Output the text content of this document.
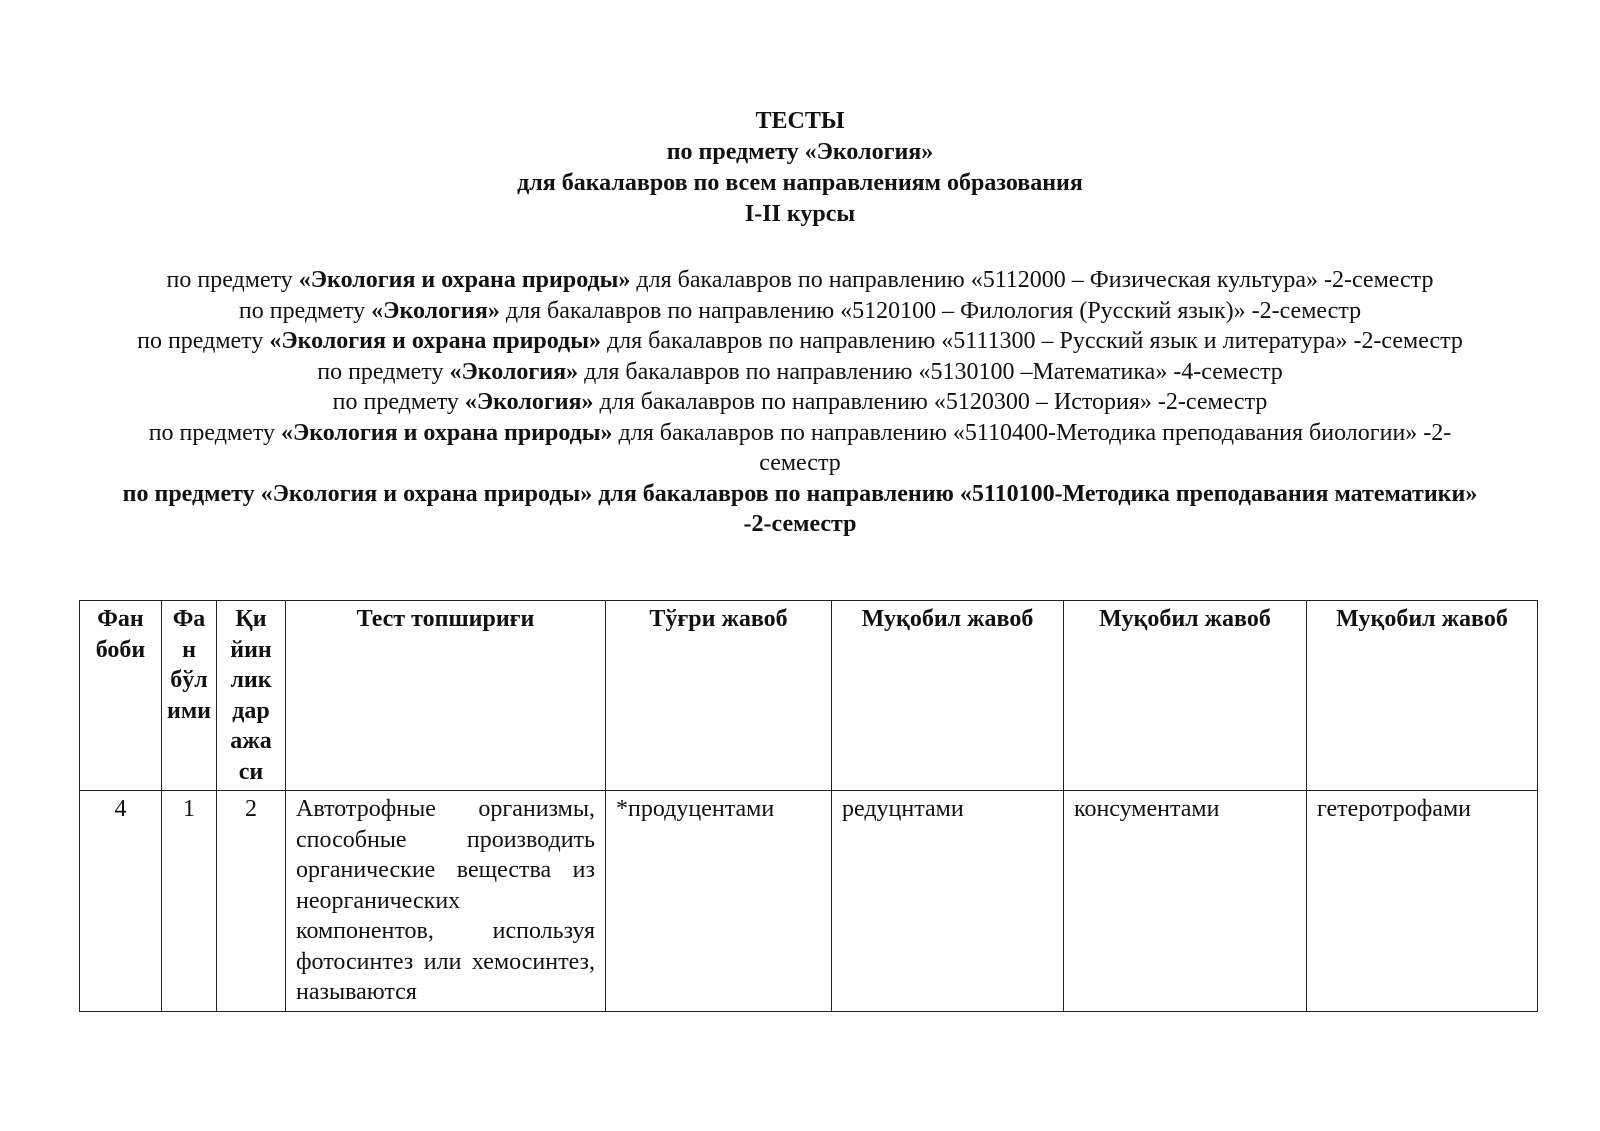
ТЕСТЫ
по предмету «Экология»
для бакалавров по всем направлениям образования
I-II курсы
по предмету «Экология и охрана природы» для бакалавров по направлению «5112000 – Физическая культура» -2-семестр
по предмету «Экология» для бакалавров по направлению «5120100 – Филология (Русский язык)» -2-семестр
по предмету «Экология и охрана природы» для бакалавров по направлению «5111300 – Русский язык и литература» -2-семестр
по предмету «Экология» для бакалавров по направлению «5130100 –Математика» -4-семестр
по предмету «Экология» для бакалавров по направлению «5120300 – История» -2-семестр
по предмету «Экология и охрана природы» для бакалавров по направлению «5110400-Методика преподавания биологии» -2-семестр
по предмету «Экология и охрана природы» для бакалавров по направлению «5110100-Методика преподавания математики» -2-семестр
Фан боби	Фа н бўл ими	Қи йин лик дар ажа си	Тест топшириғи	Тўғри жавоб	Муқобил жавоб	Муқобил жавоб	Муқобил жавоб
4	1	2	Автотрофные организмы, способные производить органические вещества из неорганических компонентов, используя фотосинтез или хемосинтез, называются	*продуцентами	редуцнтами	консументами	гетеротрофами
